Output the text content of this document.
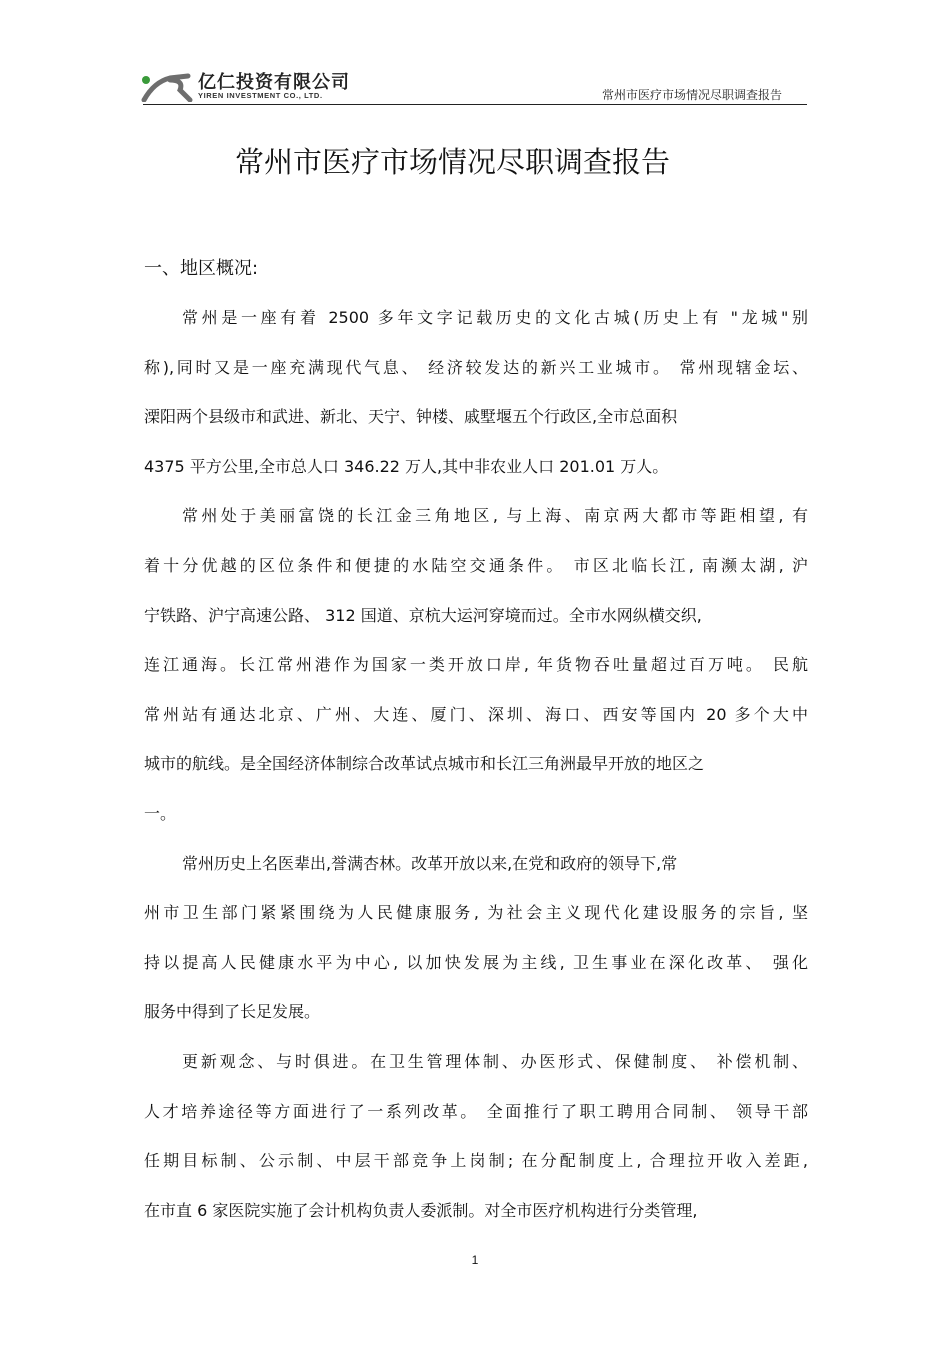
亿仁投资有限公司
YIREN INVESTMENT CO., LTD.	常州市医疗市场情况尽职调查报告
常州市医疗市场情况尽职调查报告
一、地区概况:
常州是一座有着 2500 多年文字记载历史的文化古城(历史上有 "龙城"别
称),同时又是一座充满现代气息、 经济较发达的新兴工业城市。 常州现辖金坛、
溧阳两个县级市和武进、新北、天宁、钟楼、戚墅堰五个行政区,全市总面积
4375 平方公里,全市总人口 346.22 万人,其中非农业人口 201.01 万人。
常州处于美丽富饶的长江金三角地区, 与上海、南京两大都市等距相望, 有
着十分优越的区位条件和便捷的水陆空交通条件。 市区北临长江, 南濒太湖, 沪
宁铁路、沪宁高速公路、 312 国道、京杭大运河穿境而过。全市水网纵横交织,
连江通海。长江常州港作为国家一类开放口岸, 年货物吞吐量超过百万吨。 民航
常州站有通达北京、广州、大连、厦门、深圳、海口、西安等国内 20 多个大中
城市的航线。是全国经济体制综合改革试点城市和长江三角洲最早开放的地区之
一。
常州历史上名医辈出,誉满杏林。改革开放以来,在党和政府的领导下,常
州市卫生部门紧紧围绕为人民健康服务, 为社会主义现代化建设服务的宗旨, 坚
持以提高人民健康水平为中心, 以加快发展为主线, 卫生事业在深化改革、 强化
服务中得到了长足发展。
更新观念、与时俱进。在卫生管理体制、办医形式、保健制度、 补偿机制、
人才培养途径等方面进行了一系列改革。 全面推行了职工聘用合同制、 领导干部
任期目标制、公示制、中层干部竞争上岗制; 在分配制度上, 合理拉开收入差距,
在市直 6 家医院实施了会计机构负责人委派制。对全市医疗机构进行分类管理,
1
